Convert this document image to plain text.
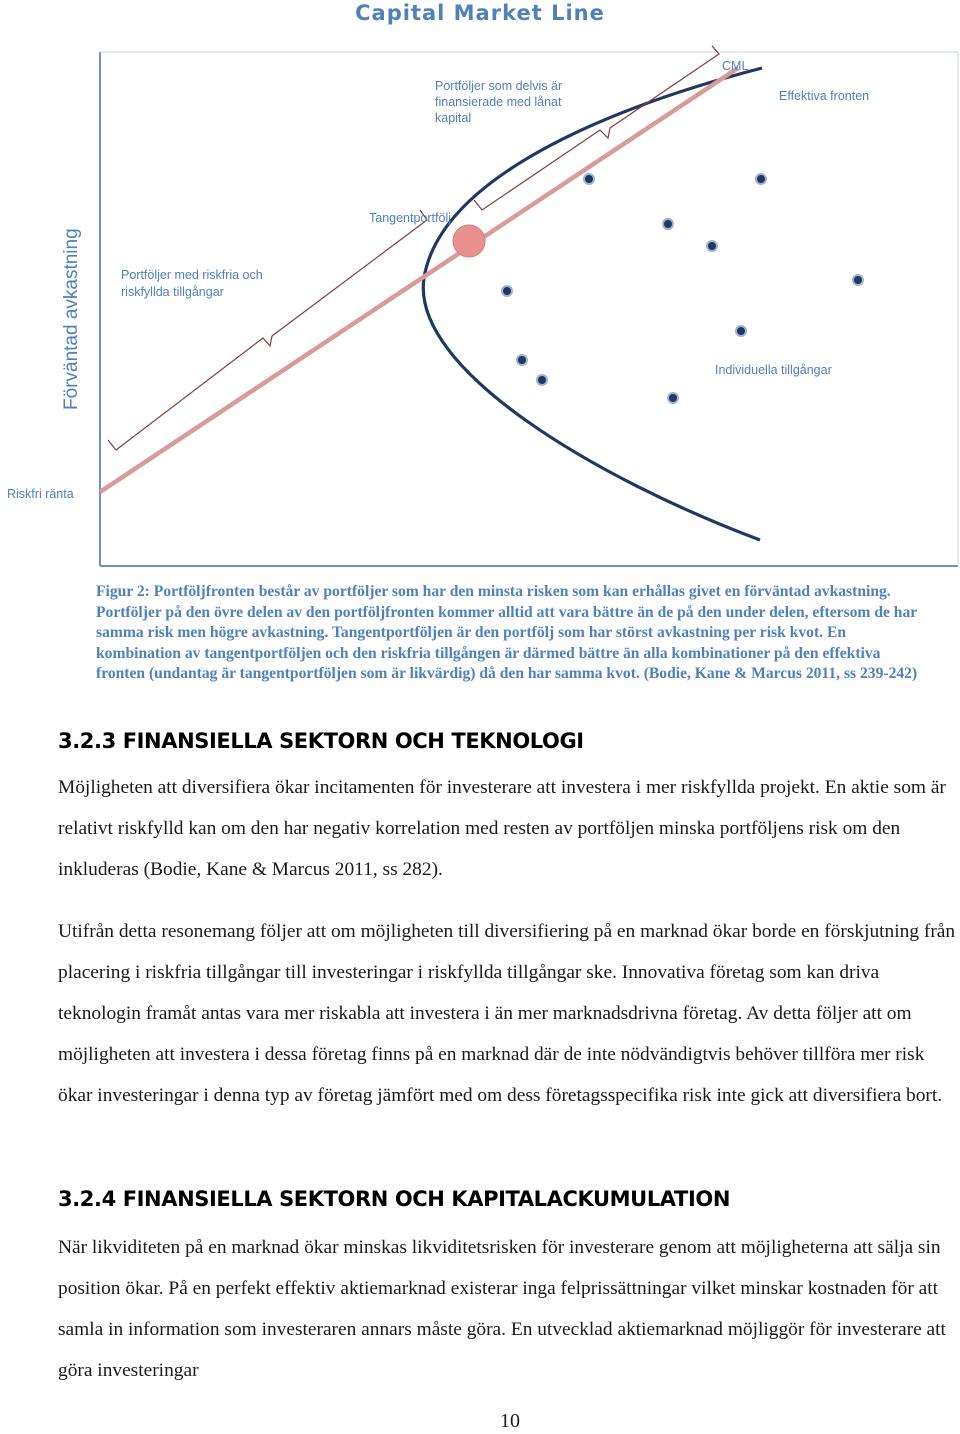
Capital Market Line
Förväntad avkastning
Riskfri ränta
CML
Effektiva fronten
Portföljer som delvis är finansierade med lånat kapital
Tangentportfölj
Portföljer med riskfria och riskfyllda tillgångar
Individuella tillgångar

Figur 2: Portföljfronten består av portföljer som har den minsta risken som kan erhållas givet en förväntad avkastning. Portföljer på den övre delen av den portföljfronten kommer alltid att vara bättre än de på den under delen, eftersom de har samma risk men högre avkastning. Tangentportföljen är den portfölj som har störst avkastning per risk kvot. En kombination av tangentportföljen och den riskfria tillgången är därmed bättre än alla kombinationer på den effektiva fronten (undantag är tangentportföljen som är likvärdig) då den har samma kvot. (Bodie, Kane & Marcus 2011, ss 239-242)

3.2.3 FINANSIELLA SEKTORN OCH TEKNOLOGI

Möjligheten att diversifiera ökar incitamenten för investerare att investera i mer riskfyllda projekt. En aktie som är relativt riskfylld kan om den har negativ korrelation med resten av portföljen minska portföljens risk om den inkluderas (Bodie, Kane & Marcus 2011, ss 282).

Utifrån detta resonemang följer att om möjligheten till diversifiering på en marknad ökar borde en förskjutning från placering i riskfria tillgångar till investeringar i riskfyllda tillgångar ske. Innovativa företag som kan driva teknologin framåt antas vara mer riskabla att investera i än mer marknadsdrivna företag. Av detta följer att om möjligheten att investera i dessa företag finns på en marknad där de inte nödvändigtvis behöver tillföra mer risk ökar investeringar i denna typ av företag jämfört med om dess företagsspecifika risk inte gick att diversifiera bort.

3.2.4 FINANSIELLA SEKTORN OCH KAPITALACKUMULATION

När likviditeten på en marknad ökar minskas likviditetsrisken för investerare genom att möjligheterna att sälja sin position ökar. På en perfekt effektiv aktiemarknad existerar inga felprissättningar vilket minskar kostnaden för att samla in information som investeraren annars måste göra. En utvecklad aktiemarknad möjliggör för investerare att göra investeringar

10
